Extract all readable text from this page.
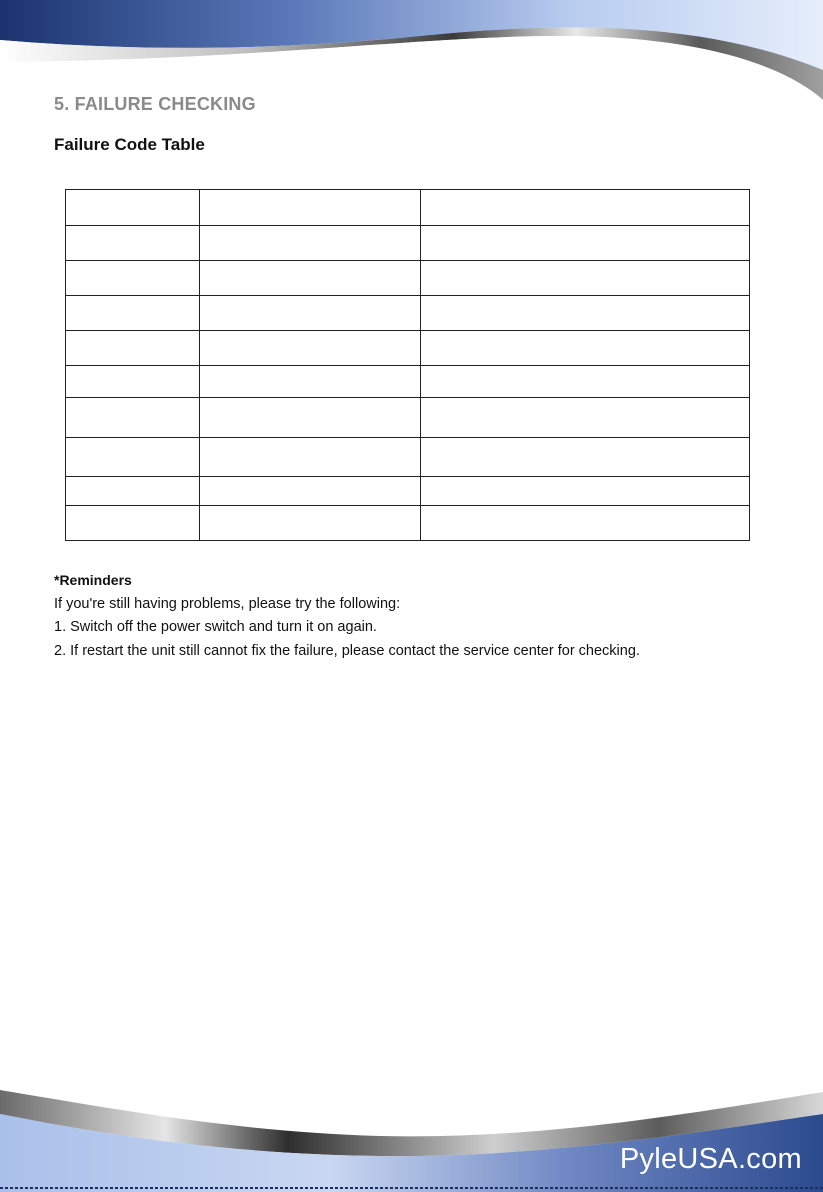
5. FAILURE CHECKING
Failure Code Table

*Reminders

If you're still having problems, please try the following:

1. Switch off the power switch and turn it on again.

2. If restart the unit still cannot fix the failure, please contact the service center for checking.

PyleUSA.com
